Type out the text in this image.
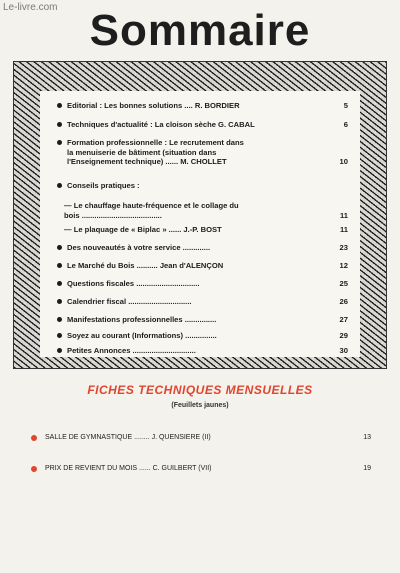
Le-livre.com Sommaire
Editorial : Les bonnes solutions .... R. BORDIER	5
Techniques d'actualité : La cloison sèche G. CABAL	6
Formation professionnelle : Le recrutement dans
la menuiserie de bâtiment (situation dans
l'Enseignement technique) ...... M. CHOLLET	10
Conseils pratiques :
— Le chauffage haute-fréquence et le collage du
bois ......................................	11
— Le plaquage de « Biplac » ...... J.-P. BOST	11
Des nouveautés à votre service .............	23
Le Marché du Bois .......... Jean d'ALENÇON	12
Questions fiscales ..............................	25
Calendrier fiscal ..............................	26
Manifestations professionnelles ...............	27
Soyez au courant (Informations) ...............	29
Petites Annonces ..............................	30
FICHES TECHNIQUES MENSUELLES
(Feuillets jaunes)
SALLE DE GYMNASTIQUE ........ J. QUENSIERE (II)	13
PRIX DE REVIENT DU MOIS ...... C. GUILBERT (VII)	19
